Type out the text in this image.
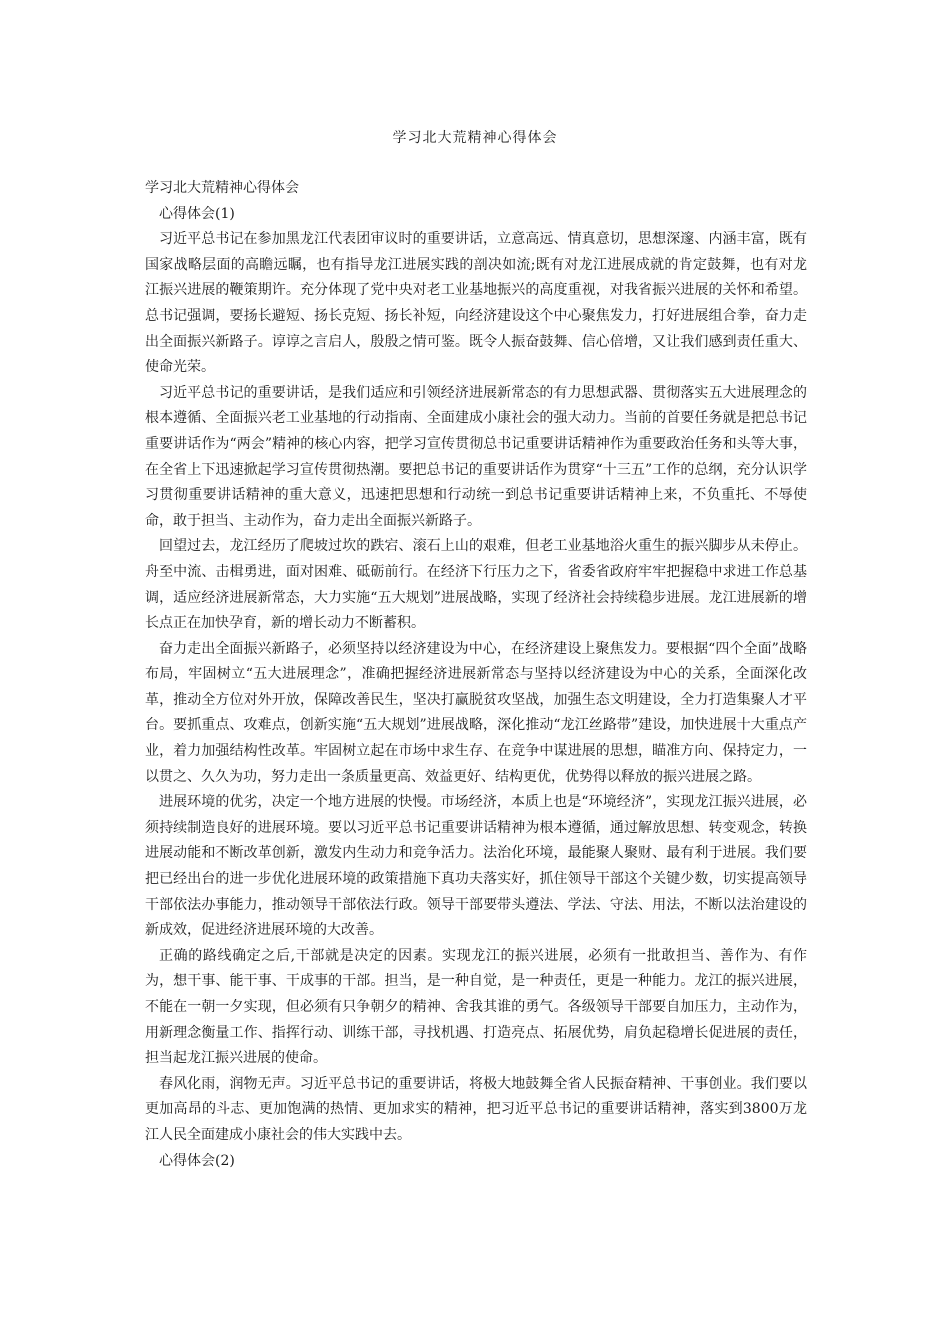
学习北大荒精神心得体会

学习北大荒精神心得体会

心得体会(1)

习近平总书记在参加黑龙江代表团审议时的重要讲话，立意高远、情真意切，思想深邃、内涵丰富，既有国家战略层面的高瞻远瞩，也有指导龙江进展实践的剖决如流;既有对龙江进展成就的肯定鼓舞，也有对龙江振兴进展的鞭策期许。充分体现了党中央对老工业基地振兴的高度重视，对我省振兴进展的关怀和希望。总书记强调，要扬长避短、扬长克短、扬长补短，向经济建设这个中心聚焦发力，打好进展组合拳，奋力走出全面振兴新路子。谆谆之言启人，殷殷之情可鉴。既令人振奋鼓舞、信心倍增，又让我们感到责任重大、使命光荣。

习近平总书记的重要讲话，是我们适应和引领经济进展新常态的有力思想武器、贯彻落实五大进展理念的根本遵循、全面振兴老工业基地的行动指南、全面建成小康社会的强大动力。当前的首要任务就是把总书记重要讲话作为“两会”精神的核心内容，把学习宣传贯彻总书记重要讲话精神作为重要政治任务和头等大事，在全省上下迅速掀起学习宣传贯彻热潮。要把总书记的重要讲话作为贯穿“十三五”工作的总纲，充分认识学习贯彻重要讲话精神的重大意义，迅速把思想和行动统一到总书记重要讲话精神上来，不负重托、不辱使命，敢于担当、主动作为，奋力走出全面振兴新路子。

回望过去，龙江经历了爬坡过坎的跌宕、滚石上山的艰难，但老工业基地浴火重生的振兴脚步从未停止。舟至中流、击楫勇进，面对困难、砥砺前行。在经济下行压力之下，省委省政府牢牢把握稳中求进工作总基调，适应经济进展新常态，大力实施“五大规划”进展战略，实现了经济社会持续稳步进展。龙江进展新的增长点正在加快孕育，新的增长动力不断蓄积。

奋力走出全面振兴新路子，必须坚持以经济建设为中心，在经济建设上聚焦发力。要根据“四个全面”战略布局，牢固树立“五大进展理念”，准确把握经济进展新常态与坚持以经济建设为中心的关系，全面深化改革，推动全方位对外开放，保障改善民生，坚决打赢脱贫攻坚战，加强生态文明建设，全力打造集聚人才平台。要抓重点、攻难点，创新实施“五大规划”进展战略，深化推动“龙江丝路带”建设，加快进展十大重点产业，着力加强结构性改革。牢固树立起在市场中求生存、在竞争中谋进展的思想，瞄准方向、保持定力，一以贯之、久久为功，努力走出一条质量更高、效益更好、结构更优，优势得以释放的振兴进展之路。

进展环境的优劣，决定一个地方进展的快慢。市场经济，本质上也是“环境经济”，实现龙江振兴进展，必须持续制造良好的进展环境。要以习近平总书记重要讲话精神为根本遵循，通过解放思想、转变观念，转换进展动能和不断改革创新，激发内生动力和竞争活力。法治化环境，最能聚人聚财、最有利于进展。我们要把已经出台的进一步优化进展环境的政策措施下真功夫落实好，抓住领导干部这个关键少数，切实提高领导干部依法办事能力，推动领导干部依法行政。领导干部要带头遵法、学法、守法、用法，不断以法治建设的新成效，促进经济进展环境的大改善。

正确的路线确定之后,干部就是决定的因素。实现龙江的振兴进展，必须有一批敢担当、善作为、有作为，想干事、能干事、干成事的干部。担当，是一种自觉，是一种责任，更是一种能力。龙江的振兴进展，不能在一朝一夕实现，但必须有只争朝夕的精神、舍我其谁的勇气。各级领导干部要自加压力，主动作为，用新理念衡量工作、指挥行动、训练干部，寻找机遇、打造亮点、拓展优势，肩负起稳增长促进展的责任，担当起龙江振兴进展的使命。

春风化雨，润物无声。习近平总书记的重要讲话，将极大地鼓舞全省人民振奋精神、干事创业。我们要以更加高昂的斗志、更加饱满的热情、更加求实的精神，把习近平总书记的重要讲话精神，落实到3800万龙江人民全面建成小康社会的伟大实践中去。

心得体会(2)
